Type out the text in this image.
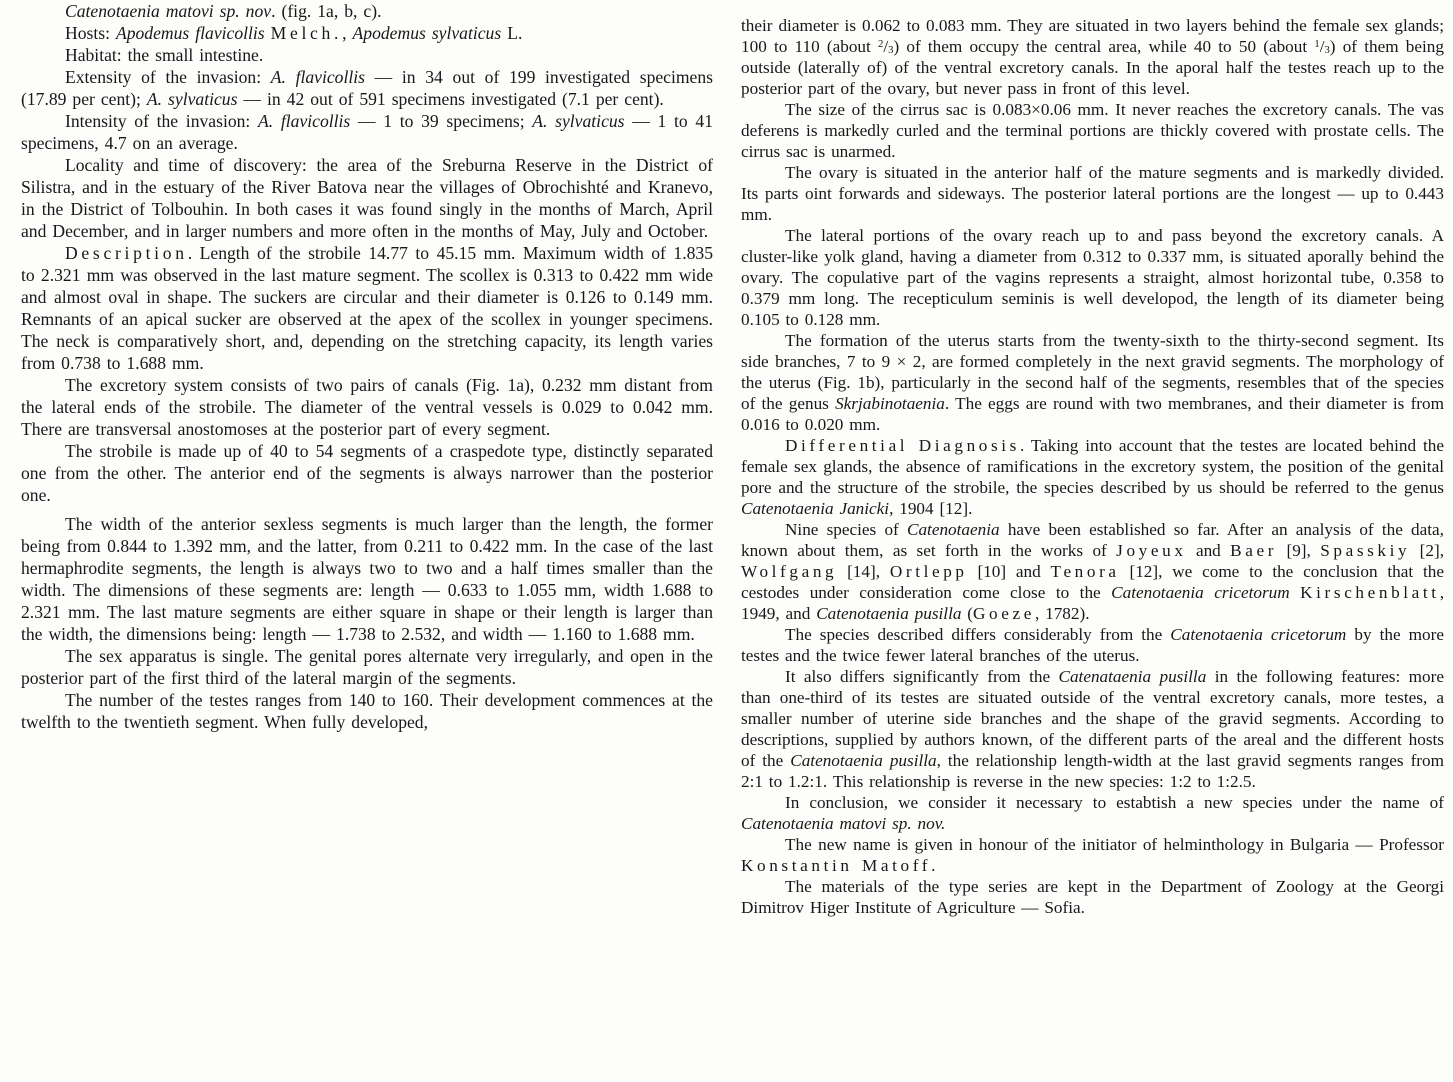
Catenotaenia matovi sp. nov. (fig. 1a, b, c).

Hosts: Apodemus flavicollis Melch., Apodemus sylvaticus L.

Habitat: the small intestine.

Extensity of the invasion: A. flavicollis — in 34 out of 199 investigated specimens (17.89 per cent); A. sylvaticus — in 42 out of 591 specimens investigated (7.1 per cent).

Intensity of the invasion: A. flavicollis — 1 to 39 specimens; A. sylvaticus — 1 to 41 specimens, 4.7 on an average.

Locality and time of discovery: the area of the Sreburna Reserve in the District of Silistra, and in the estuary of the River Batova near the villages of Obrochishté and Kranevo, in the District of Tolbouhin. In both cases it was found singly in the months of March, April and December, and in larger numbers and more often in the months of May, July and October.

Description. Length of the strobile 14.77 to 45.15 mm. Maximum width of 1.835 to 2.321 mm was observed in the last mature segment. The scollex is 0.313 to 0.422 mm wide and almost oval in shape. The suckers are circular and their diameter is 0.126 to 0.149 mm. Remnants of an apical sucker are observed at the apex of the scollex in younger specimens. The neck is comparatively short, and, depending on the stretching capacity, its length varies from 0.738 to 1.688 mm.

The excretory system consists of two pairs of canals (Fig. 1a), 0.232 mm distant from the lateral ends of the strobile. The diameter of the ventral vessels is 0.029 to 0.042 mm. There are transversal anostomoses at the posterior part of every segment.

The strobile is made up of 40 to 54 segments of a craspedote type, distinctly separated one from the other. The anterior end of the segments is always narrower than the posterior one.

The width of the anterior sexless segments is much larger than the length, the former being from 0.844 to 1.392 mm, and the latter, from 0.211 to 0.422 mm. In the case of the last hermaphrodite segments, the length is always two to two and a half times smaller than the width. The dimensions of these segments are: length — 0.633 to 1.055 mm, width 1.688 to 2.321 mm. The last mature segments are either square in shape or their length is larger than the width, the dimensions being: length — 1.738 to 2.532, and width — 1.160 to 1.688 mm.

The sex apparatus is single. The genital pores alternate very irregularly, and open in the posterior part of the first third of the lateral margin of the segments.

The number of the testes ranges from 140 to 160. Their development commences at the twelfth to the twentieth segment. When fully developed,

their diameter is 0.062 to 0.083 mm. They are situated in two layers behind the female sex glands; 100 to 110 (about $^2/_3$) of them occupy the central area, while 40 to 50 (about $^1/_3$) of them being outside (laterally of) of the ventral excretory canals. In the aporal half the testes reach up to the posterior part of the ovary, but never pass in front of this level.

The size of the cirrus sac is 0.083×0.06 mm. It never reaches the excretory canals. The vas deferens is markedly curled and the terminal portions are thickly covered with prostate cells. The cirrus sac is unarmed.

The ovary is situated in the anterior half of the mature segments and is markedly divided. Its parts oint forwards and sideways. The posterior lateral portions are the longest — up to 0.443 mm.

The lateral portions of the ovary reach up to and pass beyond the excretory canals. A cluster-like yolk gland, having a diameter from 0.312 to 0.337 mm, is situated aporally behind the ovary. The copulative part of the vagins represents a straight, almost horizontal tube, 0.358 to 0.379 mm long. The recepticulum seminis is well developod, the length of its diameter being 0.105 to 0.128 mm.

The formation of the uterus starts from the twenty-sixth to the thirty-second segment. Its side branches, 7 to 9 × 2, are formed completely in the next gravid segments. The morphology of the uterus (Fig. 1b), particularly in the second half of the segments, resembles that of the species of the genus Skrjabinotaenia. The eggs are round with two membranes, and their diameter is from 0.016 to 0.020 mm.

Differential Diagnosis. Taking into account that the testes are located behind the female sex glands, the absence of ramifications in the excretory system, the position of the genital pore and the structure of the strobile, the species described by us should be referred to the genus Catenotaenia Janicki, 1904 [12].

Nine species of Catenotaenia have been established so far. After an analysis of the data, known about them, as set forth in the works of Joyeux and Baer [9], Spasskiy [2], Wolfgang [14], Ortlepp [10] and Tenora [12], we come to the conclusion that the cestodes under consideration come close to the Catenotaenia cricetorum Kirschenblatt, 1949, and Catenotaenia pusilla (Goeze, 1782).

The species described differs considerably from the Catenotaenia cricetorum by the more testes and the twice fewer lateral branches of the uterus.

It also differs significantly from the Catenataenia pusilla in the following features: more than one-third of its testes are situated outside of the ventral excretory canals, more testes, a smaller number of uterine side branches and the shape of the gravid segments. According to descriptions, supplied by authors known, of the different parts of the areal and the different hosts of the Catenotaenia pusilla, the relationship length-width at the last gravid segments ranges from 2:1 to 1.2:1. This relationship is reverse in the new species: 1:2 to 1:2.5.

In conclusion, we consider it necessary to estabtish a new species under the name of Catenotaenia matovi sp. nov.

The new name is given in honour of the initiator of helminthology in Bulgaria — Professor Konstantin Matoff.

The materials of the type series are kept in the Department of Zoology at the Georgi Dimitrov Higer Institute of Agriculture — Sofia.
